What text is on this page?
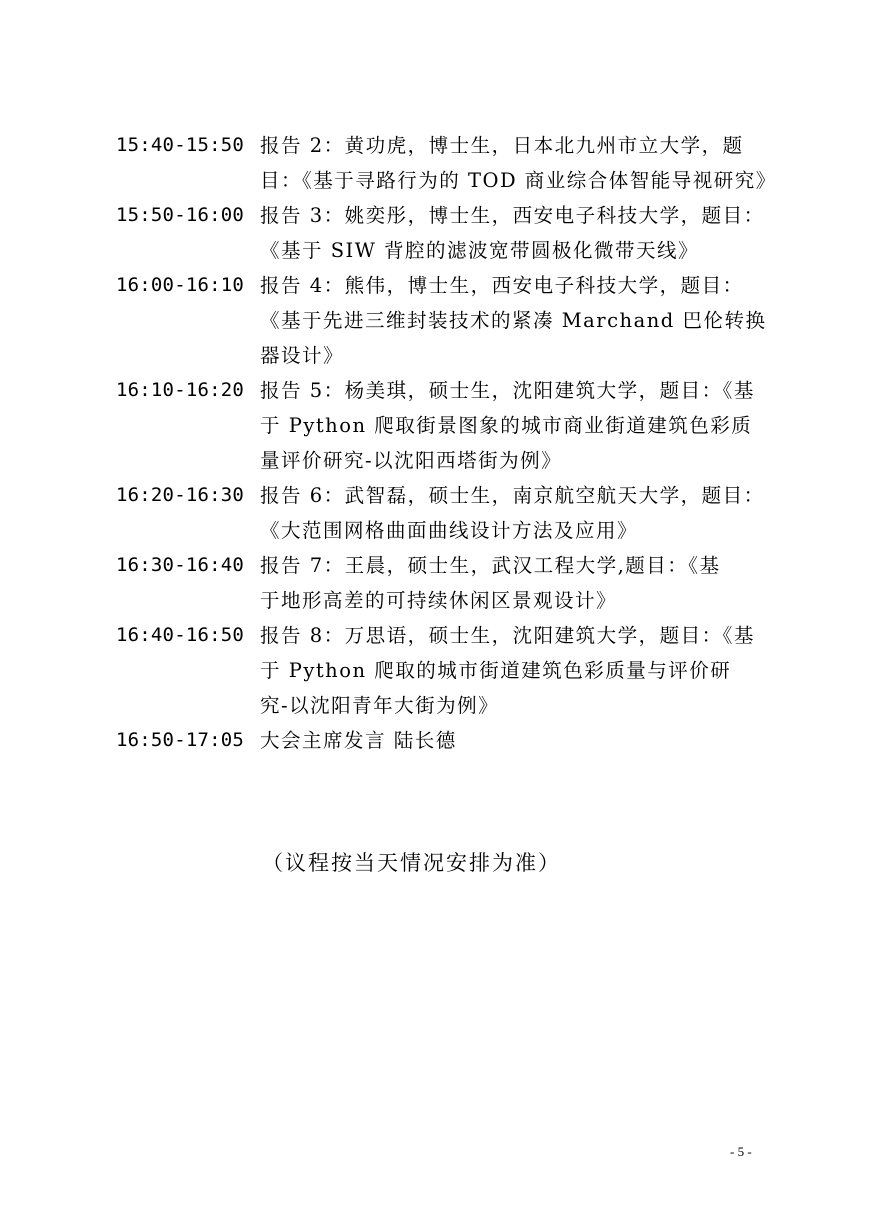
15:40-15:50 报告 2：黄功虎，博士生，日本北九州市立大学，题
目：《基于寻路行为的 TOD 商业综合体智能导视研究》
15:50-16:00 报告 3：姚奕彤，博士生，西安电子科技大学，题目：
《基于 SIW 背腔的滤波宽带圆极化微带天线》
16:00-16:10 报告 4：熊伟，博士生，西安电子科技大学，题目：
《基于先进三维封装技术的紧凑 Marchand 巴伦转换
器设计》
16:10-16:20 报告 5：杨美琪，硕士生，沈阳建筑大学，题目：《基
于 Python 爬取街景图象的城市商业街道建筑色彩质
量评价研究-以沈阳西塔街为例》
16:20-16:30 报告 6：武智磊，硕士生，南京航空航天大学，题目：
《大范围网格曲面曲线设计方法及应用》
16:30-16:40 报告 7：王晨，硕士生，武汉工程大学,题目：《基
于地形高差的可持续休闲区景观设计》
16:40-16:50 报告 8：万思语，硕士生，沈阳建筑大学，题目：《基
于 Python 爬取的城市街道建筑色彩质量与评价研
究-以沈阳青年大街为例》
16:50-17:05 大会主席发言 陆长德
（议程按当天情况安排为准）
- 5 -
